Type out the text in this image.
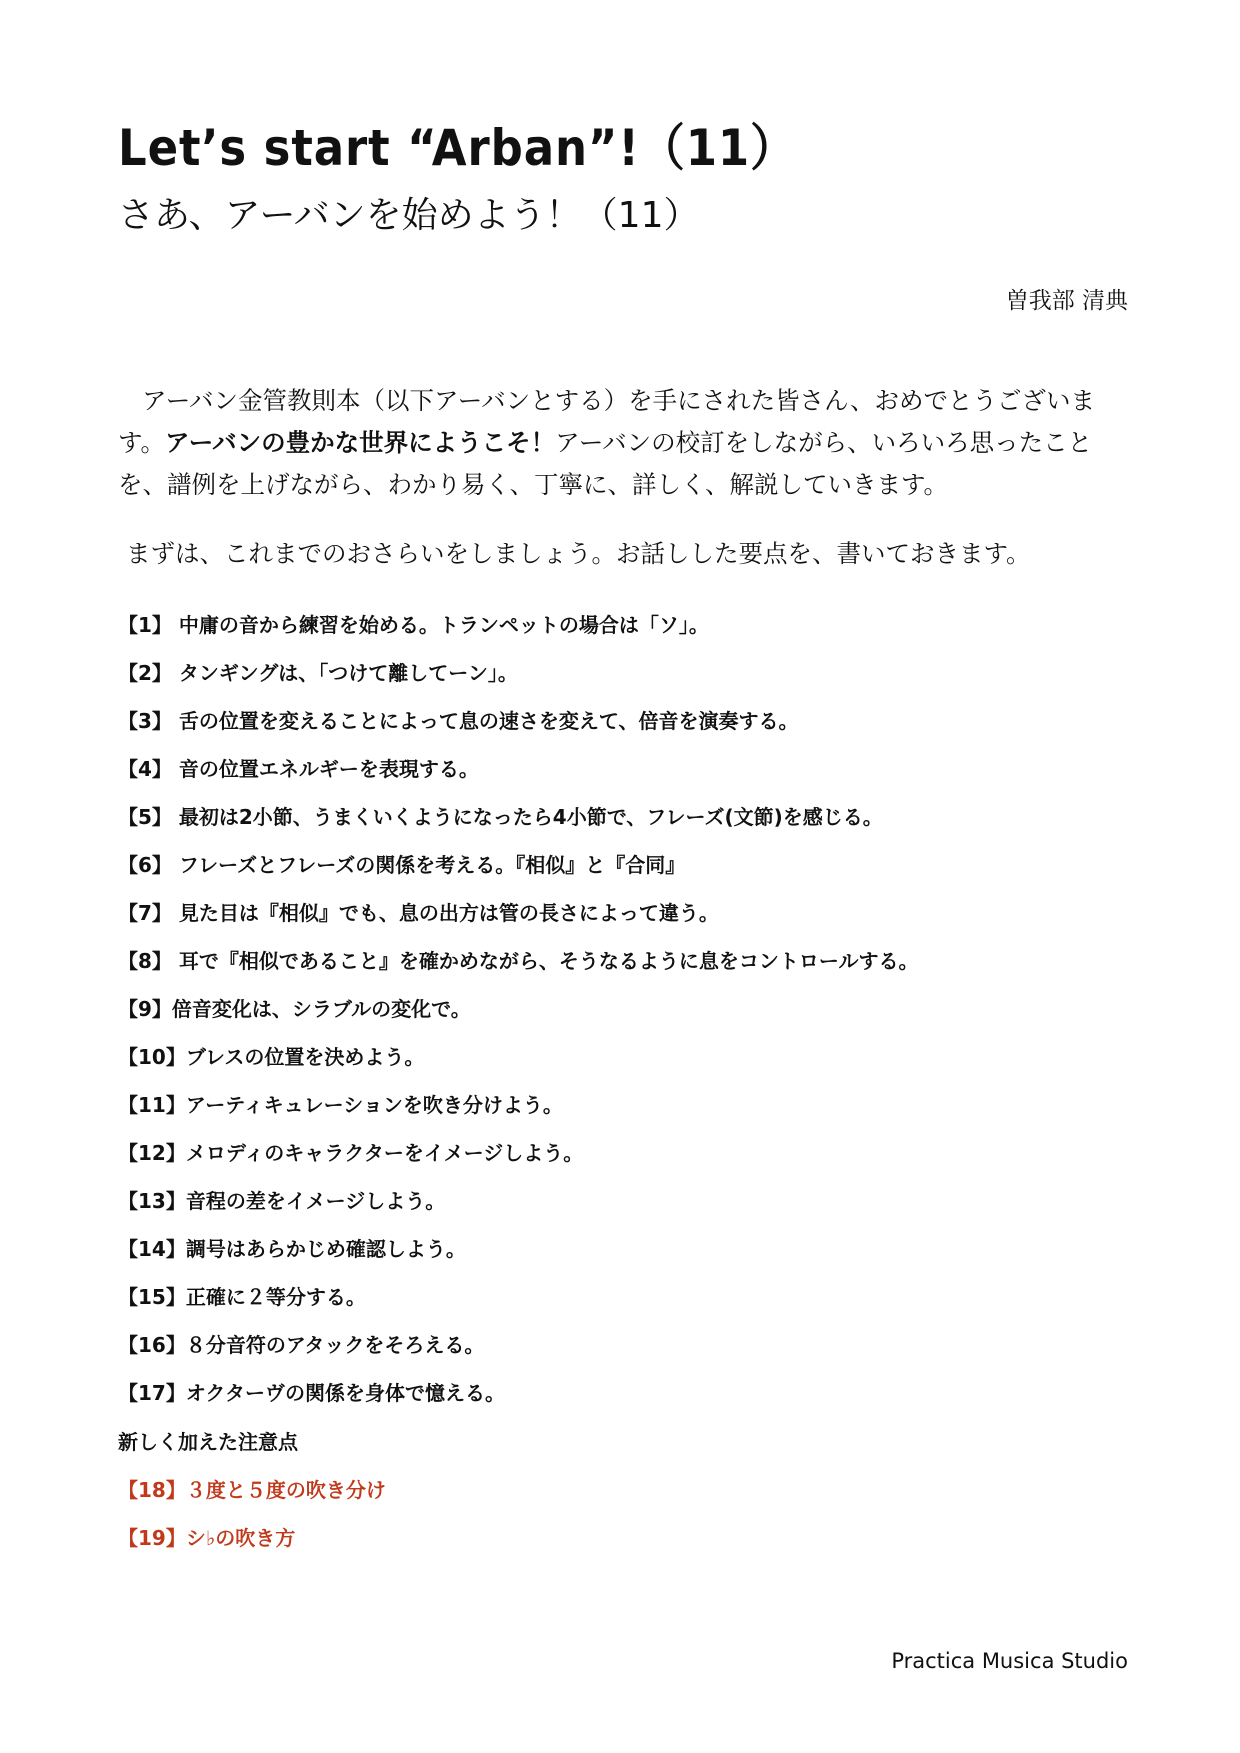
Let’s start “Arban”!（11）
さあ、アーバンを始めよう！（11）
曽我部 清典

アーバン金管教則本（以下アーバンとする）を手にされた皆さん、おめでとうございます。アーバンの豊かな世界にようこそ！アーバンの校訂をしながら、いろいろ思ったことを、譜例を上げながら、わかり易く、丁寧に、詳しく、解説していきます。

まずは、これまでのおさらいをしましょう。お話しした要点を、書いておきます。

【1】 中庸の音から練習を始める。トランペットの場合は「ソ」。
【2】 タンギングは、「つけて離してーン」。
【3】 舌の位置を変えることによって息の速さを変えて、倍音を演奏する。
【4】 音の位置エネルギーを表現する。
【5】 最初は2小節、うまくいくようになったら4小節で、フレーズ(文節)を感じる。
【6】 フレーズとフレーズの関係を考える。『相似』と『合同』
【7】 見た目は『相似』でも、息の出方は管の長さによって違う。
【8】 耳で『相似であること』を確かめながら、そうなるように息をコントロールする。
【9】倍音変化は、シラブルの変化で。
【10】ブレスの位置を決めよう。
【11】アーティキュレーションを吹き分けよう。
【12】メロディのキャラクターをイメージしよう。
【13】音程の差をイメージしよう。
【14】調号はあらかじめ確認しよう。
【15】正確に２等分する。
【16】８分音符のアタックをそろえる。
【17】オクターヴの関係を身体で憶える。
新しく加えた注意点
【18】３度と５度の吹き分け
【19】シ♭の吹き方
Practica Musica Studio
